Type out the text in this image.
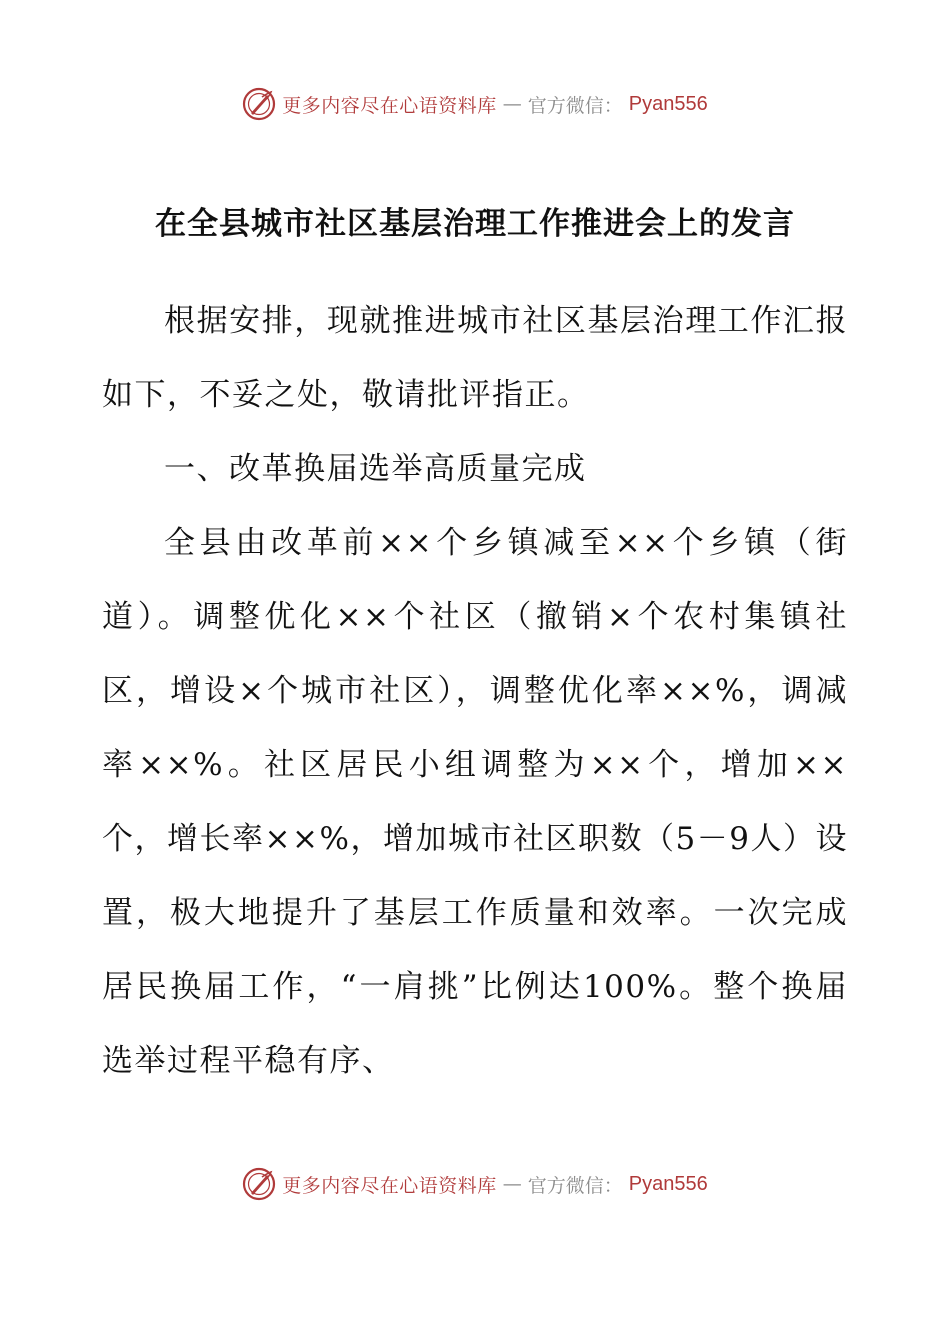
更多内容尽在心语资料库 — 官方微信： Pyan556
在全县城市社区基层治理工作推进会上的发言

根据安排，现就推进城市社区基层治理工作汇报如下，不妥之处，敬请批评指正。

一、改革换届选举高质量完成

全县由改革前××个乡镇减至××个乡镇（街道）。调整优化××个社区（撤销×个农村集镇社区，增设×个城市社区），调整优化率××%，调减率××%。社区居民小组调整为××个，增加××个，增长率××%，增加城市社区职数（5－9人）设置，极大地提升了基层工作质量和效率。一次完成居民换届工作，“一肩挑”比例达100%。整个换届选举过程平稳有序、

更多内容尽在心语资料库 — 官方微信： Pyan556
